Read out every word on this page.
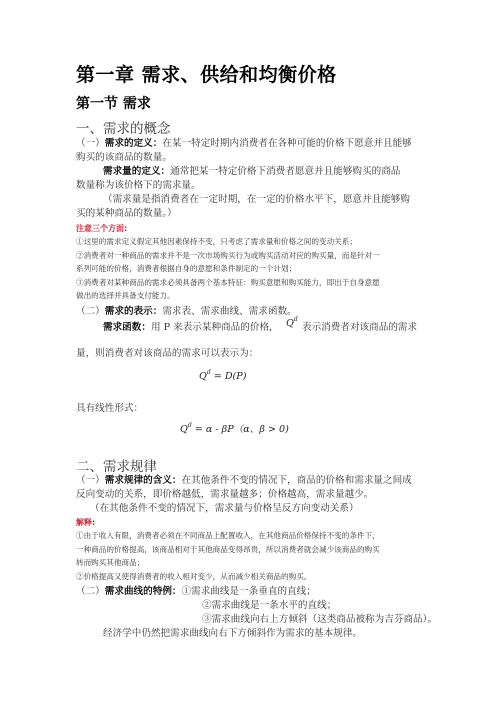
第一章 需求、供给和均衡价格
第一节 需求
一、需求的概念
（一）需求的定义：在某一特定时期内消费者在各种可能的价格下愿意并且能够
购买的该商品的数量。
需求量的定义：通常把某一特定价格下消费者愿意并且能够购买的商品
数量称为该价格下的需求量。
（需求量是指消费者在一定时期，在一定的价格水平下，愿意并且能够购
买的某种商品的数量。）
注意三个方面:
①这里的需求定义假定其他因素保持不变，只考虑了需求量和价格之间的变动关系；
②消费者对一种商品的需求并不是一次市场购买行为或购买活动对应的购买量，而是针对一
系列可能的价格，消费者根据自身的意愿和条件制定的一个计划；
③消费者对某种商品的需求必须具备两个基本特征：购买意愿和购买能力，即出于自身意愿
做出的选择并具备支付能力。
（二）需求的表示：需求表、需求曲线、需求函数。
需求函数：用 P 来表示某种商品的价格， $Q^d$
表示消费者对该商品的需求
量，则消费者对该商品的需求可以表示为：
$Q^d = D(P)$
具有线性形式：
$Q^d = \alpha - \beta P(\alpha$、β > 0)
二、需求规律
（一）需求规律的含义：在其他条件不变的情况下，商品的价格和需求量之间成
反向变动的关系，即价格越低，需求量越多；价格越高，需求量越少。
（在其他条件不变的情况下，需求量与价格呈反方向变动关系）
解释:
①由于收入有限，消费者必须在不同商品上配置收入，在其他商品价格保持不变的条件下，
一种商品的价格提高，该商品相对于其他商品变得昂贵，所以消费者就会减少该商品的购买
转而购买其他商品；
②价格提高又使得消费者的收入相对变少，从而减少相关商品的购买。
（二）需求曲线的特例：①需求曲线是一条垂直的直线；
②需求曲线是一条水平的直线；
③需求曲线向右上方倾斜（这类商品被称为吉芬商品）。
经济学中仍然把需求曲线向右下方倾斜作为需求的基本规律。
